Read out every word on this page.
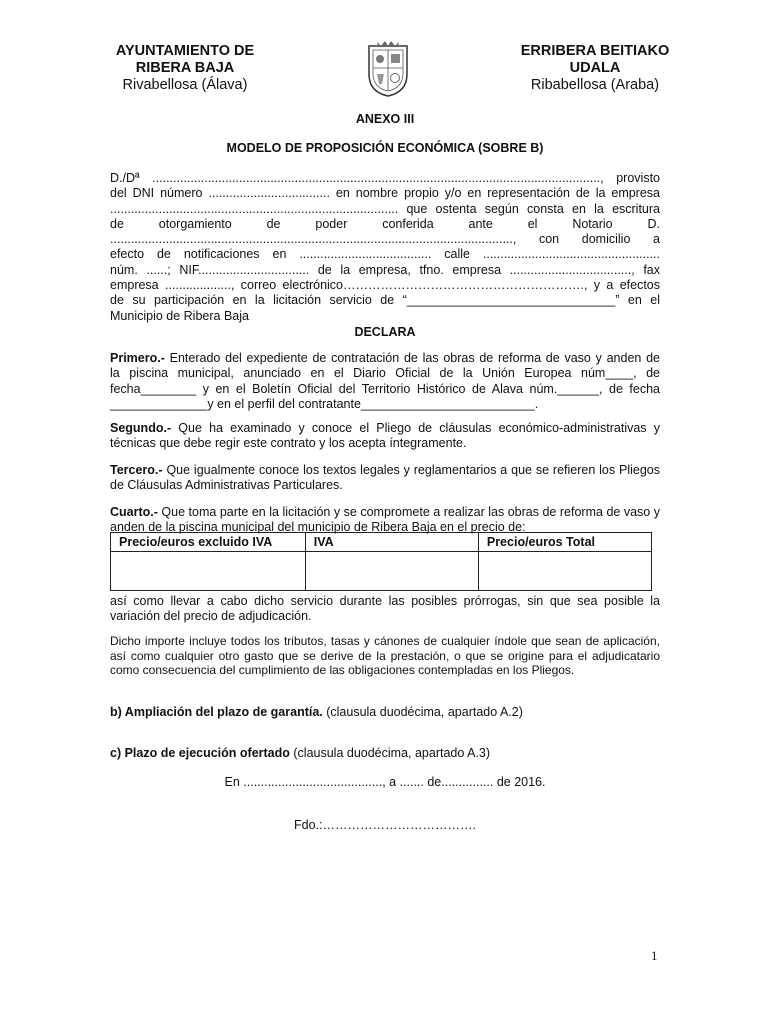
AYUNTAMIENTO DE
RIBERA BAJA
Rivabellosa (Álava)
ERRIBERA BEITIAKO
UDALA
Ribabellosa (Araba)
ANEXO III
MODELO DE PROPOSICIÓN ECONÓMICA (SOBRE B)
D./Dª ................................................................................................................................., provisto
del DNI número ................................... en nombre propio y/o en representación de la empresa
................................................................................... que ostenta según consta en la escritura
de otorgamiento de poder conferida ante el Notario D.
...................................................................................................................., con domicilio a
efecto de notificaciones en ...................................... calle ...................................................
núm. ......; NIF................................ de la empresa, tfno. empresa ..................................., fax
empresa ..................., correo electrónico…………………………………………………., y a efectos
de su participación en la licitación servicio de “______________________________” en el
Municipio de Ribera Baja
DECLARA
Primero.- Enterado del expediente de contratación de las obras de reforma de vaso y anden de
la piscina municipal, anunciado en el Diario Oficial de la Unión Europea núm____, de
fecha________ y en el Boletín Oficial del Territorio Histórico de Alava núm.______, de fecha
______________y en el perfil del contratante_________________________.
Segundo.- Que ha examinado y conoce el Pliego de cláusulas económico-administrativas y técnicas que debe regir este contrato y los acepta íntegramente.
Tercero.- Que igualmente conoce los textos legales y reglamentarios a que se refieren los Pliegos de Cláusulas Administrativas Particulares.
Cuarto.- Que toma parte en la licitación y se compromete a realizar las obras de reforma de vaso y anden de la piscina municipal del municipio de Ribera Baja en el precio de:
Precio/euros excluido IVA	IVA	Precio/euros Total

así como llevar a cabo dicho servicio durante las posibles prórrogas, sin que sea posible la variación del precio de adjudicación.
Dicho importe incluye todos los tributos, tasas y cánones de cualquier índole que sean de aplicación, así como cualquier otro gasto que se derive de la prestación, o que se origine para el adjudicatario como consecuencia del cumplimiento de las obligaciones contempladas en los Pliegos.
b) Ampliación del plazo de garantía. (clausula duodécima, apartado A.2)
c) Plazo de ejecución ofertado (clausula duodécima, apartado A.3)
En ........................................, a ....... de............... de 2016.
Fdo.:……………………………….
1
